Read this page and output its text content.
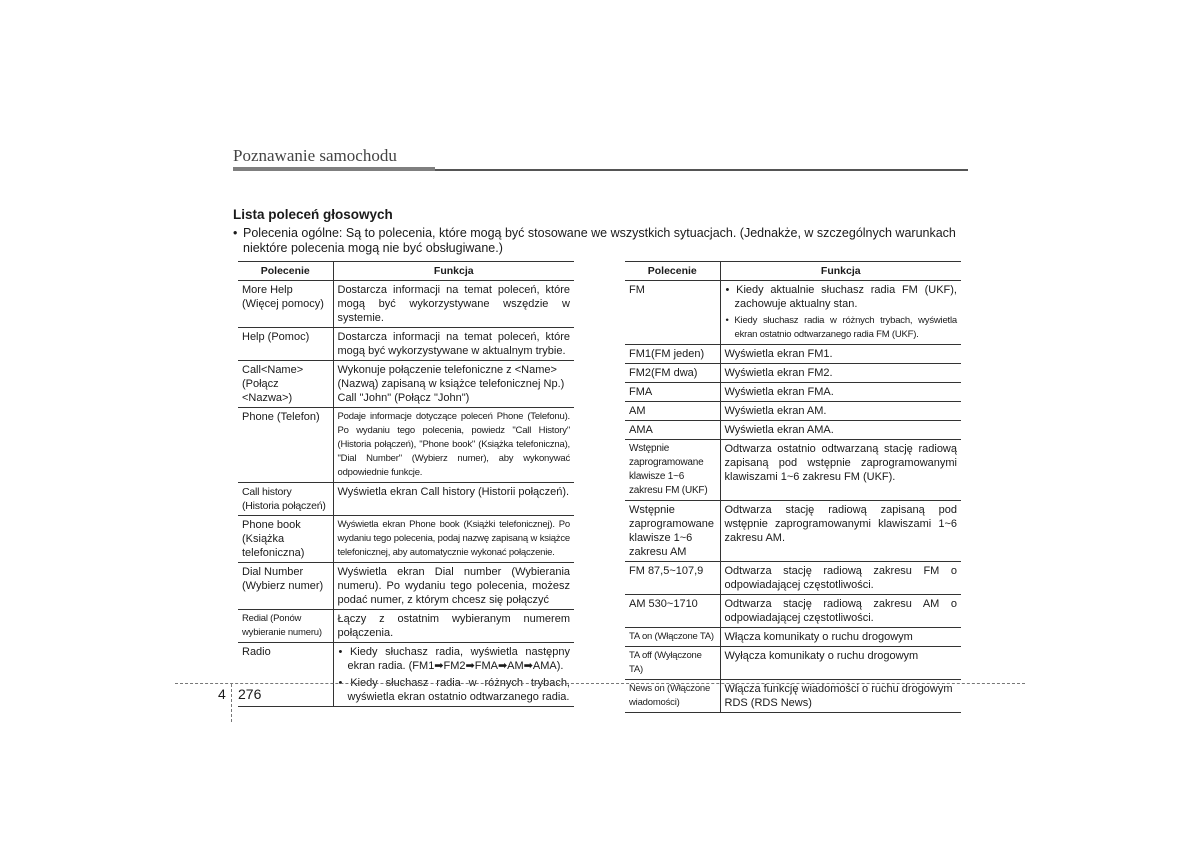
Poznawanie samochodu
Lista poleceń głosowych
• Polecenia ogólne: Są to polecenia, które mogą być stosowane we wszystkich sytuacjach. (Jednakże, w szczególnych warunkach niektóre polecenia mogą nie być obsługiwane.)
Polecenie	Funkcja
More Help (Więcej pomocy)	Dostarcza informacji na temat poleceń, które mogą być wykorzystywane wszędzie w systemie.
Help (Pomoc)	Dostarcza informacji na temat poleceń, które mogą być wykorzystywane w aktualnym trybie.
Call<Name> (Połącz <Nazwa>)	Wykonuje połączenie telefoniczne z <Name> (Nazwą) zapisaną w książce telefonicznej Np.) Call "John" (Połącz "John")
Phone (Telefon)	Podaje informacje dotyczące poleceń Phone (Telefonu). Po wydaniu tego polecenia, powiedz "Call History" (Historia połączeń), "Phone book" (Książka telefoniczna), "Dial Number" (Wybierz numer), aby wykonywać odpowiednie funkcje.
Call history (Historia połączeń)	Wyświetla ekran Call history (Historii połączeń).
Phone book (Książka telefoniczna)	Wyświetla ekran Phone book (Książki telefonicznej). Po wydaniu tego polecenia, podaj nazwę zapisaną w książce telefonicznej, aby automatycznie wykonać połączenie.
Dial Number (Wybierz numer)	Wyświetla ekran Dial number (Wybierania numeru). Po wydaniu tego polecenia, możesz podać numer, z którym chcesz się połączyć
Redial (Ponów wybieranie numeru)	Łączy z ostatnim wybieranym numerem połączenia.
Radio	• Kiedy słuchasz radia, wyświetla następny ekran radia. (FM1➡FM2➡FMA➡AM➡AMA).
• Kiedy słuchasz radia w różnych trybach, wyświetla ekran ostatnio odtwarzanego radia.
Polecenie	Funkcja
FM	• Kiedy aktualnie słuchasz radia FM (UKF), zachowuje aktualny stan.
• Kiedy słuchasz radia w różnych trybach, wyświetla ekran ostatnio odtwarzanego radia FM (UKF).

FM1(FM jeden)	Wyświetla ekran FM1.
FM2(FM dwa)	Wyświetla ekran FM2.
FMA	Wyświetla ekran FMA.
AM	Wyświetla ekran AM.
AMA	Wyświetla ekran AMA.
Wstępnie zaprogramowane klawisze 1~6 zakresu FM (UKF)	Odtwarza ostatnio odtwarzaną stację radiową zapisaną pod wstępnie zaprogramowanymi klawiszami 1~6 zakresu FM (UKF).
Wstępnie zaprogramowane klawisze 1~6 zakresu AM	Odtwarza stację radiową zapisaną pod wstępnie zaprogramowanymi klawiszami 1~6 zakresu AM.
FM 87,5~107,9	Odtwarza stację radiową zakresu FM o odpowiadającej częstotliwości.
AM 530~1710	Odtwarza stację radiową zakresu AM o odpowiadającej częstotliwości.
TA on (Włączone TA)	Włącza komunikaty o ruchu drogowym
TA off (Wyłączone TA)	Wyłącza komunikaty o ruchu drogowym
News on (Włączone wiadomości)	Włącza funkcję wiadomości o ruchu drogowym RDS (RDS News)
4 276
